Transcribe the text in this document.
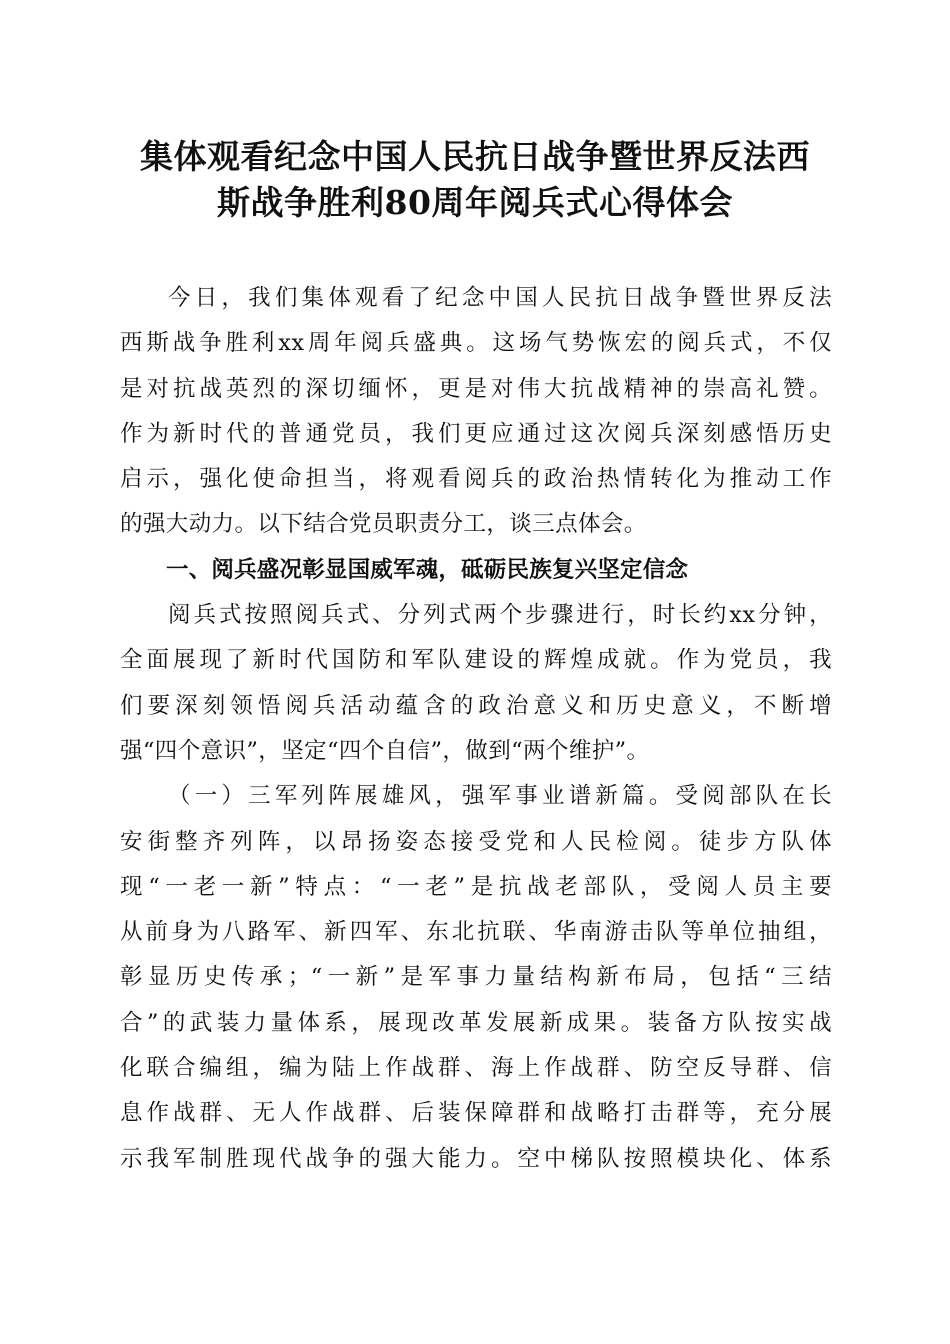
集体观看纪念中国人民抗日战争暨世界反法西
斯战争胜利80周年阅兵式心得体会
今日，我们集体观看了纪念中国人民抗日战争暨世界反法
西斯战争胜利xx周年阅兵盛典。这场气势恢宏的阅兵式，不仅
是对抗战英烈的深切缅怀，更是对伟大抗战精神的崇高礼赞。
作为新时代的普通党员，我们更应通过这次阅兵深刻感悟历史
启示，强化使命担当，将观看阅兵的政治热情转化为推动工作
的强大动力。以下结合党员职责分工，谈三点体会。
一、阅兵盛况彰显国威军魂，砥砺民族复兴坚定信念
阅兵式按照阅兵式、分列式两个步骤进行，时长约xx分钟，
全面展现了新时代国防和军队建设的辉煌成就。作为党员，我
们要深刻领悟阅兵活动蕴含的政治意义和历史意义，不断增
强“四个意识”，坚定“四个自信”，做到“两个维护”。
（一）三军列阵展雄风，强军事业谱新篇。受阅部队在长
安街整齐列阵，以昂扬姿态接受党和人民检阅。徒步方队体
现“一老一新”特点：“一老”是抗战老部队，受阅人员主要
从前身为八路军、新四军、东北抗联、华南游击队等单位抽组，
彰显历史传承；“一新”是军事力量结构新布局，包括“三结
合”的武装力量体系，展现改革发展新成果。装备方队按实战
化联合编组，编为陆上作战群、海上作战群、防空反导群、信
息作战群、无人作战群、后装保障群和战略打击群等，充分展
示我军制胜现代战争的强大能力。空中梯队按照模块化、体系
